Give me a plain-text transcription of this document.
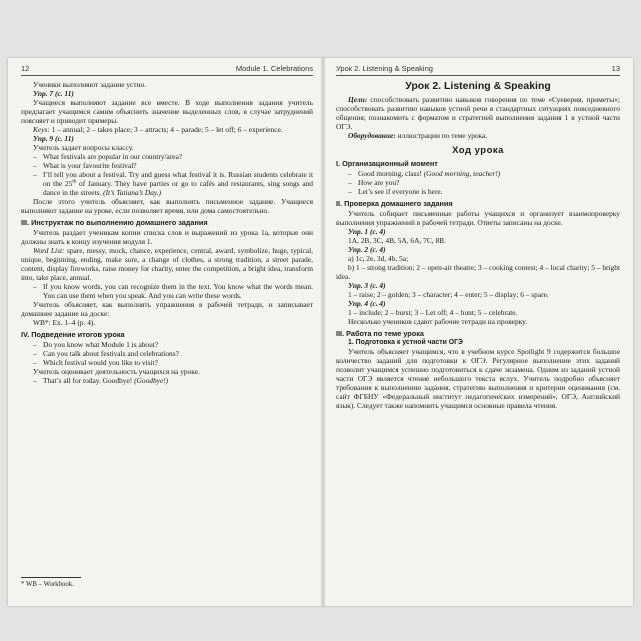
12	Module 1. Celebrations

Ученики выполняют задание устно.

Упр. 7 (с. 11)

Учащиеся выполняют задание все вместе. В ходе выполнения задания учитель предлагает учащимся самим объяснить значение выделенных слов, в случае затруднений поясняет и приводит примеры.

Keys: 1 – annual; 2 – takes place; 3 – attracts; 4 – parade; 5 – let off; 6 – experience.

Упр. 9 (с. 11)

Учитель задает вопросы классу.

– What festivals are popular in our country/area?

– What is your favourite festival?

– I’ll tell you about a festival. Try and guess what festival it is. Russian students celebrate it on the 25th of January. They have parties or go to cafés and restaurants, sing songs and dance in the streets. (It’s Tatiana’s Day.)

После этого учитель объясняет, как выполнять письменное задание. Учащиеся выполняют задание на уроке, если позволяет время, или дома самостоятельно.

III. Инструктаж по выполнению домашнего задания

Учитель раздает ученикам копии списка слов и выражений из урока 1а, которые они должны знать к концу изучения модуля 1.

Word List: spare, messy, mock, chance, experience, central, award, symbolize, huge, typical, unique, beginning, ending, make sure, a change of clothes, a strong tradition, a street parade, content, display fireworks, raise money for charity, enter the competition, a bright idea, transform into, take place, annual.

– If you know words, you can recognize them in the text. You know what the words mean. You can use them when you speak. And you can write these words.

Учитель объясняет, как выполнять упражнения в рабочей тетради, и записывает домашнее задание на доске:

WB*: Ex. 1–4 (p. 4).

IV. Подведение итогов урока

– Do you know what Module 1 is about?

– Can you talk about festivals and celebrations?

– Which festival would you like to visit?

Учитель оценивает деятельность учащихся на уроке.

– That’s all for today. Goodbye! (Goodbye!)

* WB – Workbook.
Урок 2. Listening & Speaking	13
Урок 2. Listening & Speaking

Цели: способствовать развитию навыков говорения по теме «Суеверия, приметы»; способствовать развитию навыков устной речи в стандартных ситуациях повседневного общения; познакомить с форматом и стратегией выполнения задания 1 в устной части ОГЭ.

Оборудование: иллюстрации по теме урока.

Ход урока
I. Организационный момент

– Good morning, class! (Good morning, teacher!)

– How are you?

– Let’s see if everyone is here.

II. Проверка домашнего задания

Учитель собирает письменные работы учащихся и организует взаимопроверку выполнения упражнений в рабочей тетради. Ответы записаны на доске.

Упр. 1 (с. 4)

1A, 2B, 3C, 4B, 5A, 6A, 7C, 8B.

Упр. 2 (с. 4)

a) 1c, 2e, 3d, 4b, 5a;

b) 1 – strong tradition; 2 – open-air theatre; 3 – cooking contest; 4 – local charity; 5 – bright idea.

Упр. 3 (с. 4)

1 – raise; 2 – golden; 3 – character; 4 – enter; 5 – display; 6 – spare.

Упр. 4 (с. 4)

1 – include; 2 – burst; 3 – Let off; 4 – hunt; 5 – celebrate.

Несколько учеников сдают рабочие тетради на проверку.

III. Работа по теме урока
1. Подготовка к устной части ОГЭ

Учитель объясняет учащимся, что в учебном курсе Spotlight 9 содержится большое количество заданий для подготовки к ОГЭ. Регулярное выполнение этих заданий позволит учащимся успешно подготовиться к сдаче экзамена. Одним из заданий устной части ОГЭ является чтение небольшого текста вслух. Учитель подробно объясняет требования к выполнению задания, стратегию выполнения и критерии оценивания (см. сайт ФГБНУ «Федеральный институт педагогических измерений», ОГЭ, Английский язык). Следует также напомнить учащимся основные правила чтения.
